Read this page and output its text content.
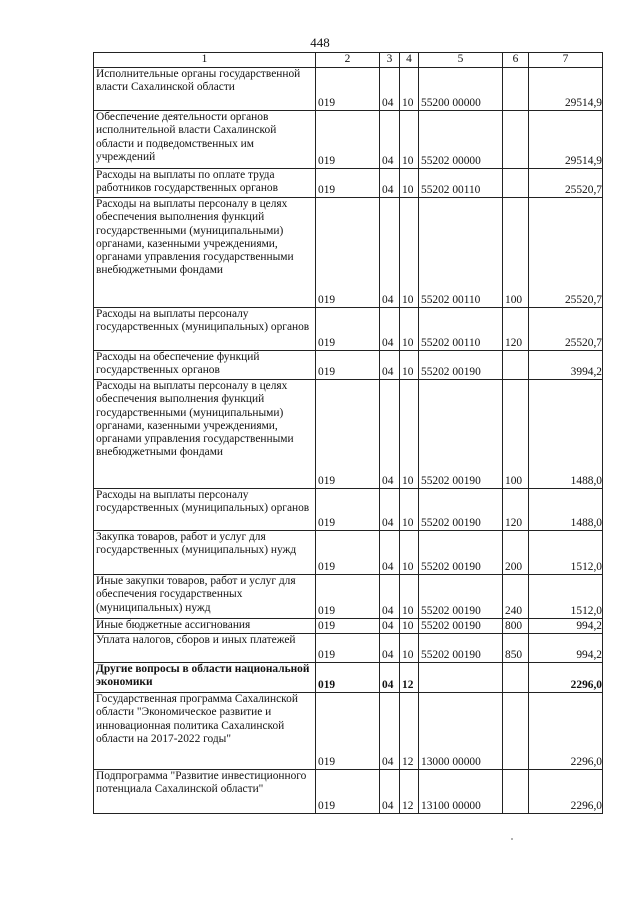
448
1	2	3	4	5	6	7
Исполнительные органы государственной власти Сахалинской области	019	04	10	55200 00000		29514,9
Обеспечение деятельности органов исполнительной власти Сахалинской области и подведомственных им учреждений	019	04	10	55202 00000		29514,9
Расходы на выплаты по оплате труда работников государственных органов	019	04	10	55202 00110		25520,7
Расходы на выплаты персоналу в целях обеспечения выполнения функций государственными (муниципальными) органами, казенными учреждениями, органами управления государственными внебюджетными фондами	019	04	10	55202 00110	100	25520,7
Расходы на выплаты персоналу государственных (муниципальных) органов	019	04	10	55202 00110	120	25520,7
Расходы на обеспечение функций государственных органов	019	04	10	55202 00190		3994,2
Расходы на выплаты персоналу в целях обеспечения выполнения функций государственными (муниципальными) органами, казенными учреждениями, органами управления государственными внебюджетными фондами	019	04	10	55202 00190	100	1488,0
Расходы на выплаты персоналу государственных (муниципальных) органов	019	04	10	55202 00190	120	1488,0
Закупка товаров, работ и услуг для государственных (муниципальных) нужд	019	04	10	55202 00190	200	1512,0
Иные закупки товаров, работ и услуг для обеспечения государственных (муниципальных) нужд	019	04	10	55202 00190	240	1512,0
Иные бюджетные ассигнования	019	04	10	55202 00190	800	994,2
Уплата налогов, сборов и иных платежей	019	04	10	55202 00190	850	994,2
Другие вопросы в области национальной экономики	019	04	12			2296,0
Государственная программа Сахалинской области "Экономическое развитие и инновационная политика Сахалинской области на 2017-2022 годы"	019	04	12	13000 00000		2296,0
Подпрограмма "Развитие инвестиционного потенциала Сахалинской области"	019	04	12	13100 00000		2296,0
